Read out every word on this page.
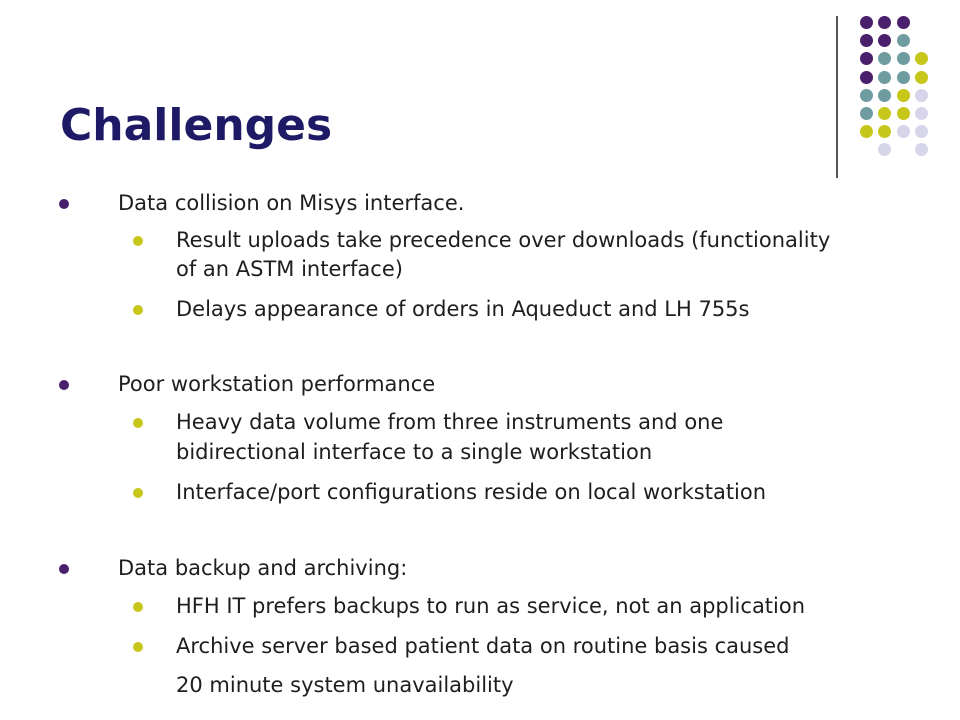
Challenges
Data collision on Misys interface.
Result uploads take precedence over downloads (functionality
of an ASTM interface)
Delays appearance of orders in Aqueduct and LH 755s
Poor workstation performance
Heavy data volume from three instruments and one
bidirectional interface to a single workstation
Interface/port configurations reside on local workstation
Data backup and archiving:
HFH IT prefers backups to run as service, not an application
Archive server based patient data on routine basis caused
20 minute system unavailability
